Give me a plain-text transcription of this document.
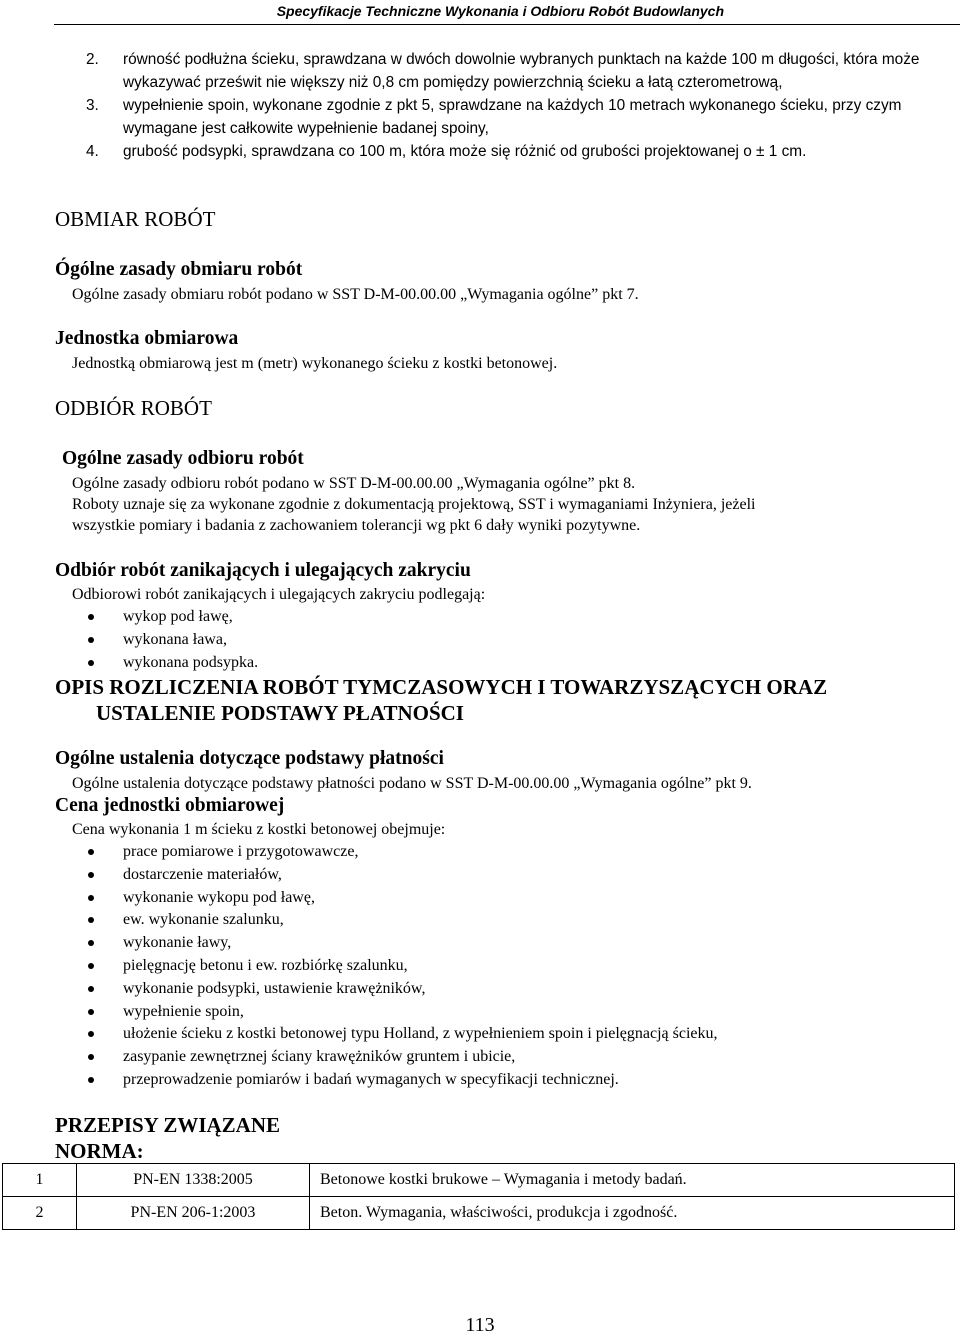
Specyfikacje Techniczne Wykonania i Odbioru Robót Budowlanych
2. równość podłużna ścieku, sprawdzana w dwóch dowolnie wybranych punktach na każde 100 m długości, która może wykazywać prześwit nie większy niż 0,8 cm pomiędzy powierzchnią ścieku a łatą czterometrową,
3. wypełnienie spoin, wykonane zgodnie z pkt 5, sprawdzane na każdych 10 metrach wykonanego ścieku, przy czym wymagane jest całkowite wypełnienie badanej spoiny,
4. grubość podsypki, sprawdzana co 100 m, która może się różnić od grubości projektowanej o ± 1 cm.
OBMIAR ROBÓT
Ógólne zasady obmiaru robót
Ogólne zasady obmiaru robót podano w SST D-M-00.00.00 „Wymagania ogólne” pkt 7.
Jednostka obmiarowa
Jednostką obmiarową jest m (metr) wykonanego ścieku z kostki betonowej.
ODBIÓR ROBÓT
Ogólne zasady odbioru robót
Ogólne zasady odbioru robót podano w SST D-M-00.00.00 „Wymagania ogólne” pkt 8.
Roboty uznaje się za wykonane zgodnie z dokumentacją projektową, SST i wymaganiami Inżyniera, jeżeli
wszystkie pomiary i badania z zachowaniem tolerancji wg pkt 6 dały wyniki pozytywne.
Odbiór robót zanikających i ulegających zakryciu
Odbiorowi robót zanikających i ulegających zakryciu podlegają:
wykop pod ławę,
wykonana ława,
wykonana podsypka.
OPIS ROZLICZENIA ROBÓT TYMCZASOWYCH I TOWARZYSZĄCYCH ORAZ
USTALENIE PODSTAWY PŁATNOŚCI
Ogólne ustalenia dotyczące podstawy płatności
Ogólne ustalenia dotyczące podstawy płatności podano w SST D-M-00.00.00 „Wymagania ogólne” pkt 9.
Cena jednostki obmiarowej
Cena wykonania 1 m ścieku z kostki betonowej obejmuje:
prace pomiarowe i przygotowawcze,
dostarczenie materiałów,
wykonanie wykopu pod ławę,
ew. wykonanie szalunku,
wykonanie ławy,
pielęgnację betonu i ew. rozbiórkę szalunku,
wykonanie podsypki, ustawienie krawężników,
wypełnienie spoin,
ułożenie ścieku z kostki betonowej typu Holland, z wypełnieniem spoin i pielęgnacją ścieku,
zasypanie zewnętrznej ściany krawężników gruntem i ubicie,
przeprowadzenie pomiarów i badań wymaganych w specyfikacji technicznej.
PRZEPISY ZWIĄZANE
NORMA:
1	PN-EN 1338:2005	Betonowe kostki brukowe – Wymagania i metody badań.
2	PN-EN 206-1:2003	Beton. Wymagania, właściwości, produkcja i zgodność.
113
